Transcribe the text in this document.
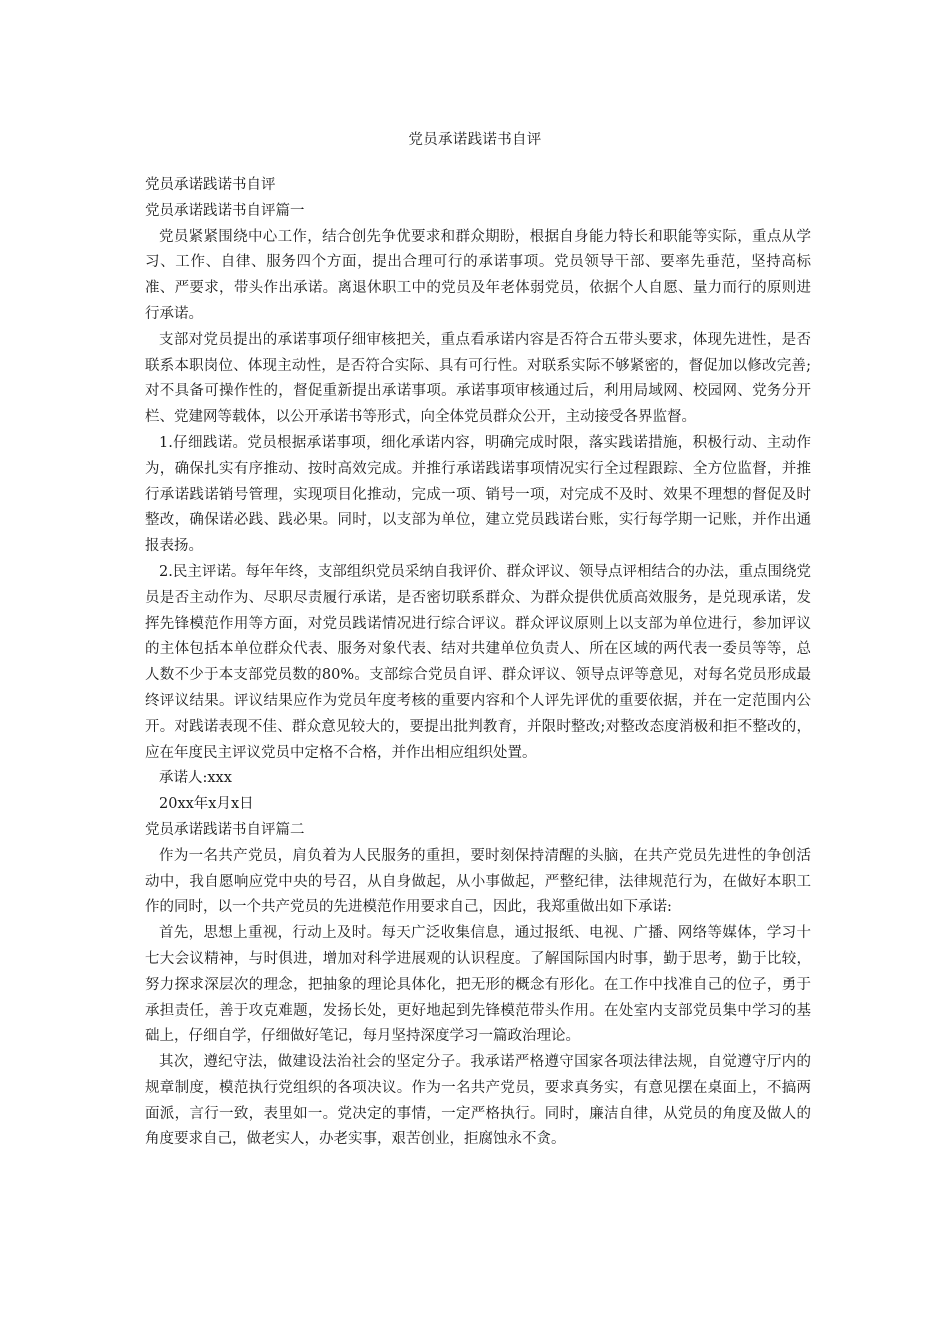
党员承诺践诺书自评

党员承诺践诺书自评

党员承诺践诺书自评篇一

党员紧紧围绕中心工作，结合创先争优要求和群众期盼，根据自身能力特长和职能等实际，重点从学习、工作、自律、服务四个方面，提出合理可行的承诺事项。党员领导干部、要率先垂范，坚持高标准、严要求，带头作出承诺。离退休职工中的党员及年老体弱党员，依据个人自愿、量力而行的原则进行承诺。

支部对党员提出的承诺事项仔细审核把关，重点看承诺内容是否符合五带头要求，体现先进性，是否联系本职岗位、体现主动性，是否符合实际、具有可行性。对联系实际不够紧密的，督促加以修改完善;对不具备可操作性的，督促重新提出承诺事项。承诺事项审核通过后，利用局域网、校园网、党务分开栏、党建网等载体，以公开承诺书等形式，向全体党员群众公开，主动接受各界监督。

1.仔细践诺。党员根据承诺事项，细化承诺内容，明确完成时限，落实践诺措施，积极行动、主动作为，确保扎实有序推动、按时高效完成。并推行承诺践诺事项情况实行全过程跟踪、全方位监督，并推行承诺践诺销号管理，实现项目化推动，完成一项、销号一项，对完成不及时、效果不理想的督促及时整改，确保诺必践、践必果。同时，以支部为单位，建立党员践诺台账，实行每学期一记账，并作出通报表扬。

2.民主评诺。每年年终，支部组织党员采纳自我评价、群众评议、领导点评相结合的办法，重点围绕党员是否主动作为、尽职尽责履行承诺，是否密切联系群众、为群众提供优质高效服务，是兑现承诺，发挥先锋模范作用等方面，对党员践诺情况进行综合评议。群众评议原则上以支部为单位进行，参加评议的主体包括本单位群众代表、服务对象代表、结对共建单位负责人、所在区域的两代表一委员等等，总人数不少于本支部党员数的80%。支部综合党员自评、群众评议、领导点评等意见，对每名党员形成最终评议结果。评议结果应作为党员年度考核的重要内容和个人评先评优的重要依据，并在一定范围内公开。对践诺表现不佳、群众意见较大的，要提出批判教育，并限时整改;对整改态度消极和拒不整改的，应在年度民主评议党员中定格不合格，并作出相应组织处置。

承诺人:xxx

20xx年x月x日

党员承诺践诺书自评篇二

作为一名共产党员，肩负着为人民服务的重担，要时刻保持清醒的头脑，在共产党员先进性的争创活动中，我自愿响应党中央的号召，从自身做起，从小事做起，严整纪律，法律规范行为，在做好本职工作的同时，以一个共产党员的先进模范作用要求自己，因此，我郑重做出如下承诺:

首先，思想上重视，行动上及时。每天广泛收集信息，通过报纸、电视、广播、网络等媒体，学习十七大会议精神，与时俱进，增加对科学进展观的认识程度。了解国际国内时事，勤于思考，勤于比较，努力探求深层次的理念，把抽象的理论具体化，把无形的概念有形化。在工作中找准自己的位子，勇于承担责任，善于攻克难题，发扬长处，更好地起到先锋模范带头作用。在处室内支部党员集中学习的基础上，仔细自学，仔细做好笔记，每月坚持深度学习一篇政治理论。

其次，遵纪守法，做建设法治社会的坚定分子。我承诺严格遵守国家各项法律法规，自觉遵守厅内的规章制度，模范执行党组织的各项决议。作为一名共产党员，要求真务实，有意见摆在桌面上，不搞两面派，言行一致，表里如一。党决定的事情，一定严格执行。同时，廉洁自律，从党员的角度及做人的角度要求自己，做老实人，办老实事，艰苦创业，拒腐蚀永不贪。
